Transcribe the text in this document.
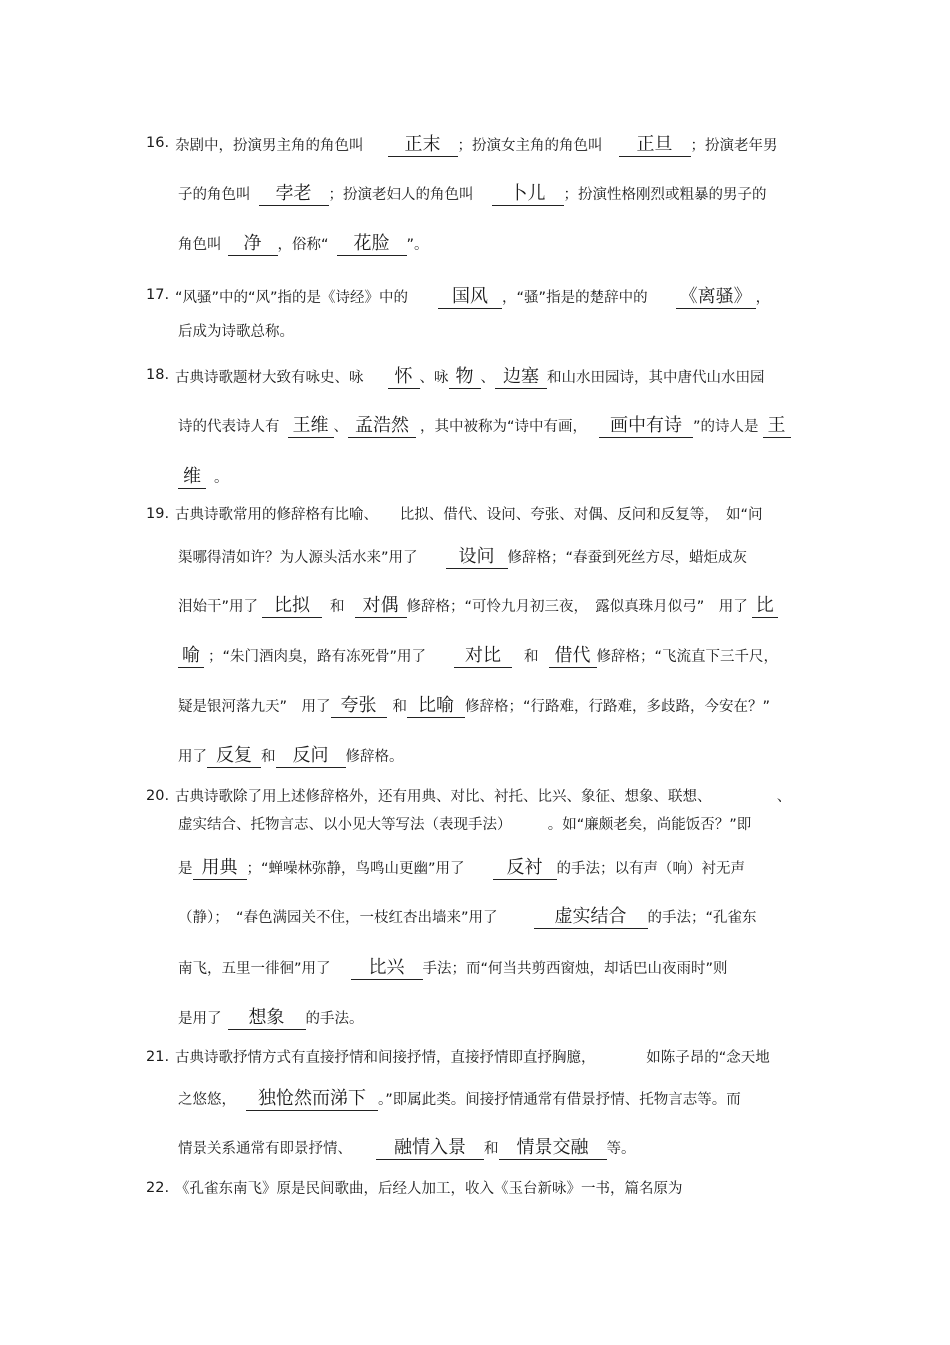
16. 杂剧中，扮演男主角的角色叫 正末 ；扮演女主角的角色叫 正旦 ；扮演老年男
子的角色叫 孛老 ；扮演老妇人的角色叫 卜儿 ；扮演性格刚烈或粗暴的男子的
角色叫 净 ，俗称“ 花脸 ”。
17. “风骚”中的“风”指的是《诗经》中的 国风 ，“骚”指是的楚辞中的 《离骚》 ，
后成为诗歌总称。
18. 古典诗歌题材大致有咏史、咏 怀 、咏 物 、 边塞 和山水田园诗，其中唐代山水田园
诗的代表诗人有 王维 、 孟浩然 ，其中被称为“诗中有画， 画中有诗 ”的诗人是 王
维 。
19. 古典诗歌常用的修辞格有比喻、　　比拟、借代、设问、夸张、对偶、反问和反复等，　如“问
渠哪得清如许？为人源头活水来”用了 设问 修辞格；“春蚕到死丝方尽，蜡炬成灰
泪始干”用了 比拟 和 对偶 修辞格；“可怜九月初三夜，　露似真珠月似弓”　用了 比
喻 ；“朱门酒肉臭，路有冻死骨”用了 对比 和 借代 修辞格；“飞流直下三千尺，
疑是银河落九天”　用了 夸张 和 比喻 修辞格；“行路难，行路难，多歧路，今安在？”
用了 反复 和 反问 修辞格。
20. 古典诗歌除了用上述修辞格外，还有用典、对比、衬托、比兴、象征、想象、联想、　　　　　、
虚实结合、托物言志、以小见大等写法（表现手法）　　　。如“廉颇老矣，尚能饭否？”即
是 用典 ；“蝉噪林弥静，鸟鸣山更幽”用了 反衬 的手法；以有声（响）衬无声
（静）；　“春色满园关不住，一枝红杏出墙来”用了	虚实结合 的手法；“孔雀东
南飞，五里一徘徊”用了 比兴 手法；而“何当共剪西窗烛，却话巴山夜雨时”则
是用了 想象 的手法。
21. 古典诗歌抒情方式有直接抒情和间接抒情，直接抒情即直抒胸臆，　　　　如陈子昂的“念天地
之悠悠， 独怆然而涕下 。”即属此类。间接抒情通常有借景抒情、托物言志等。而
情景关系通常有即景抒情、 融情入景 和 情景交融 等。
22. 《孔雀东南飞》原是民间歌曲，后经人加工，收入《玉台新咏》一书，篇名原为
